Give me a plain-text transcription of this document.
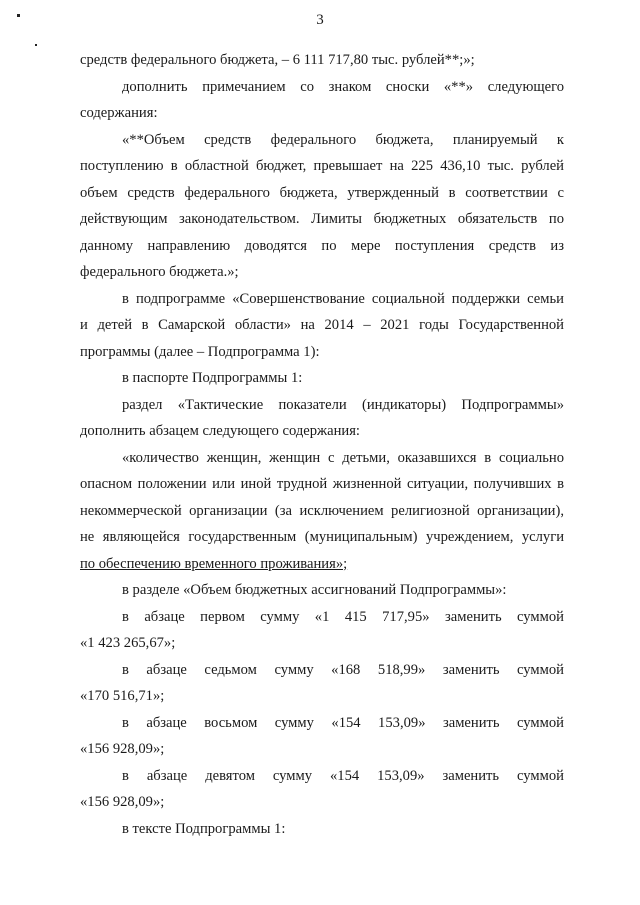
3

средств федерального бюджета, – 6 111 717,80 тыс. рублей**;»;

дополнить примечанием со знаком сноски «**» следующего

содержания:

«**Объем средств федерального бюджета, планируемый к

поступлению в областной бюджет, превышает на 225 436,10 тыс. рублей

объем средств федерального бюджета, утвержденный в соответствии с

действующим законодательством. Лимиты бюджетных обязательств по

данному направлению доводятся по мере поступления средств из

федерального бюджета.»;

в подпрограмме «Совершенствование социальной поддержки семьи

и детей в Самарской области» на 2014 – 2021 годы Государственной

программы (далее – Подпрограмма 1):

в паспорте Подпрограммы 1:

раздел «Тактические показатели (индикаторы) Подпрограммы»

дополнить абзацем следующего содержания:

«количество женщин, женщин с детьми, оказавшихся в социально

опасном положении или иной трудной жизненной ситуации, получивших в

некоммерческой организации (за исключением религиозной организации),

не являющейся государственным (муниципальным) учреждением, услуги

по обеспечению временного проживания»;

в разделе «Объем бюджетных ассигнований Подпрограммы»:

в абзаце первом сумму «1 415 717,95» заменить суммой

«1 423 265,67»;

в абзаце седьмом сумму «168 518,99» заменить суммой

«170 516,71»;

в абзаце восьмом сумму «154 153,09» заменить суммой

«156 928,09»;

в абзаце девятом сумму «154 153,09» заменить суммой

«156 928,09»;

в тексте Подпрограммы 1:
